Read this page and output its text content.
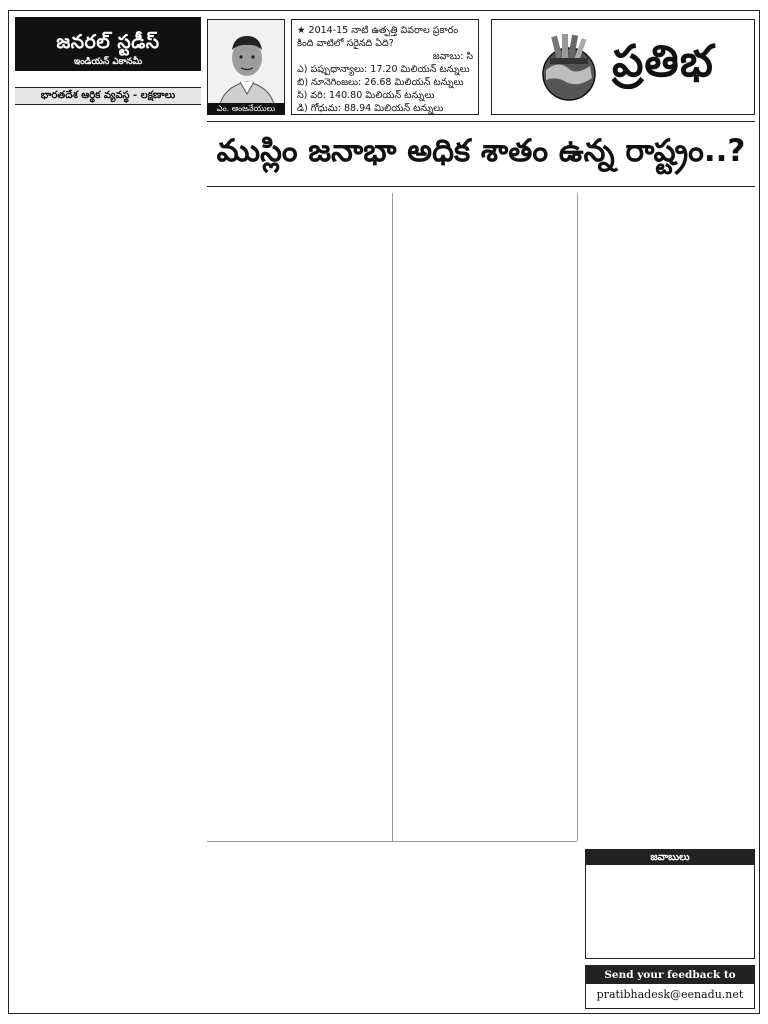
జనరల్ స్టడీస్
ఇండియన్ ఎకానమీ
భారతదేశ ఆర్థిక వ్యవస్థ - లక్షణాలు
ఎం. ఆంజనేయులు
★ 2014-15 నాటి ఉత్పత్తి వివరాల ప్రకారం కింది వాటిలో సరైనది ఏది?
జవాబు: సి
ఎ) పప్పుధాన్యాలు: 17.20 మిలియన్ టన్నులు
బి) నూనెగింజలు: 26.68 మిలియన్ టన్నులు
సి) వరి: 140.80 మిలియన్ టన్నులు
డి) గోధుమ: 88.94 మిలియన్ టన్నులు
ప్రతిభ
ముస్లిం జనాభా అధిక శాతం ఉన్న రాష్ట్రం..?
జవాబులు
Send your feedback to
pratibhadesk@eenadu.net
